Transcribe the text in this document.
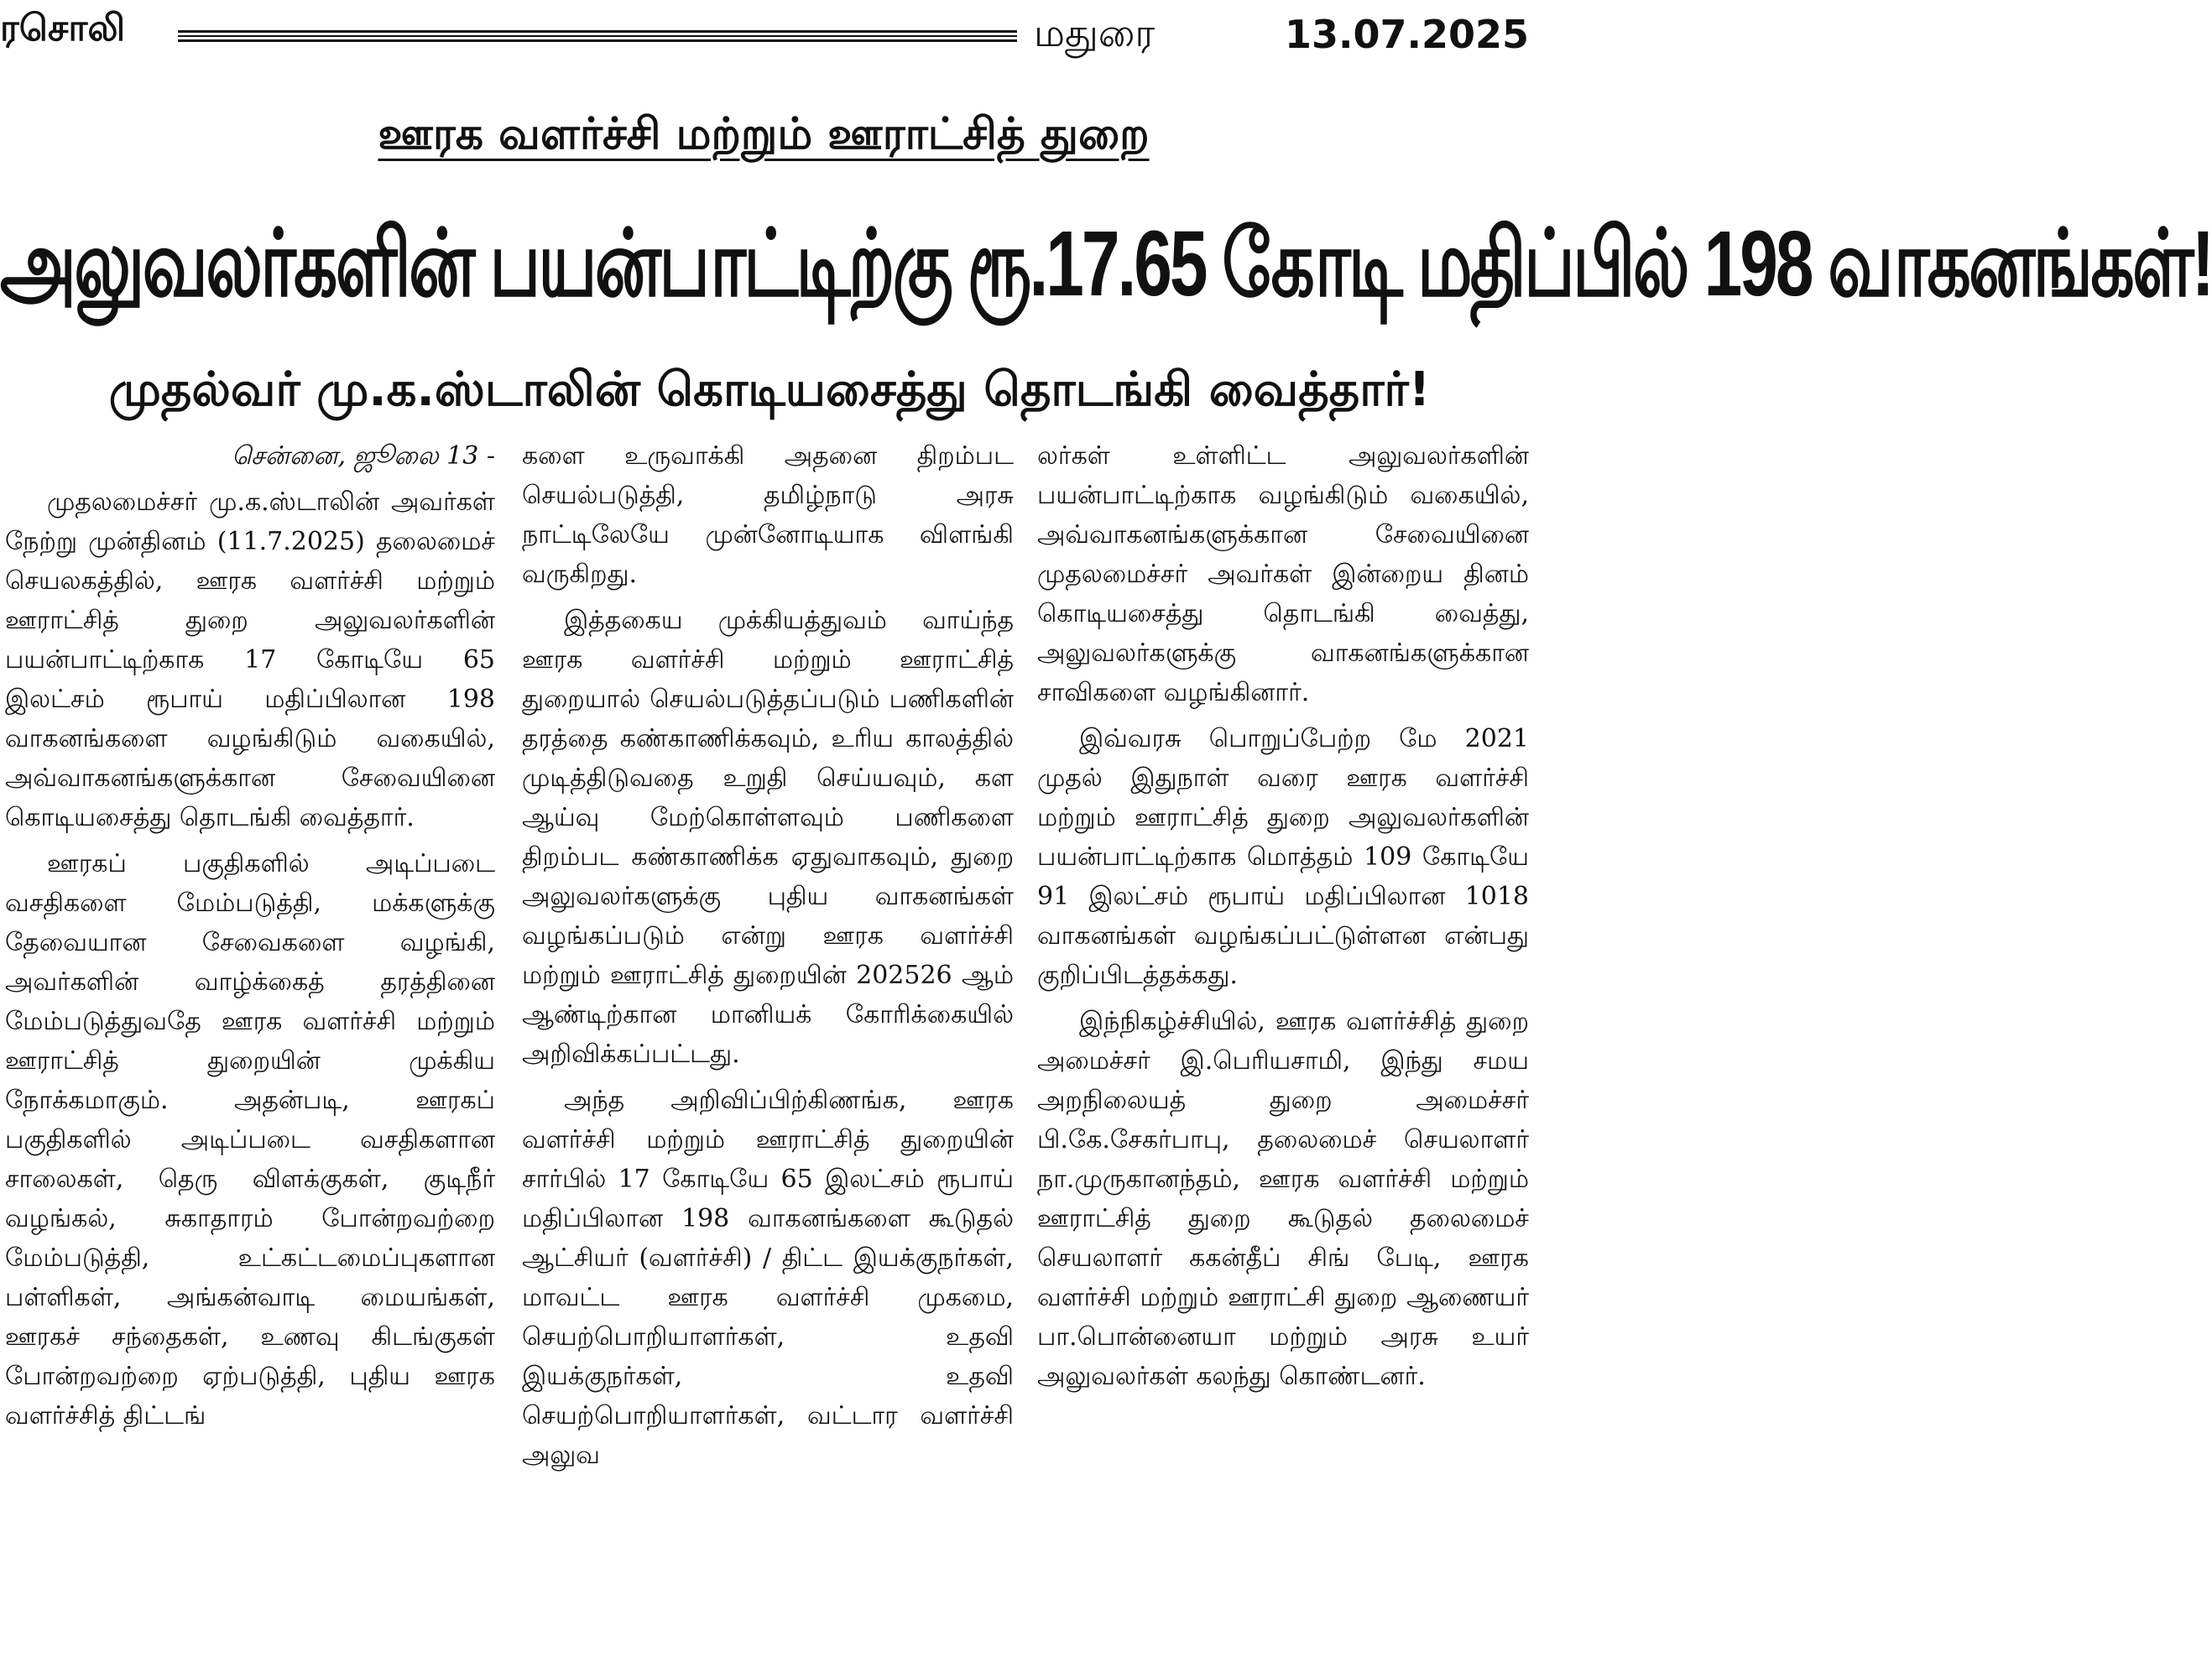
ரசொலி	மதுரை	13.07.2025
ஊரக வளர்ச்சி மற்றும் ஊராட்சித் துறை
அலுவலர்களின் பயன்பாட்டிற்கு ரூ.17.65 கோடி மதிப்பில் 198 வாகனங்கள்!
முதல்வர் மு.க.ஸ்டாலின் கொடியசைத்து தொடங்கி வைத்தார்!

சென்னை, ஜூலை 13 -

முதலமைச்சர் மு.க.ஸ்டாலின் அவர்கள் நேற்று முன்தினம் (11.7.2025) தலைமைச் செயலகத்தில், ஊரக வளர்ச்சி மற்றும் ஊராட்சித் துறை அலுவலர்களின் பயன்பாட்டிற்காக 17 கோடியே 65 இலட்சம் ரூபாய் மதிப்பிலான 198 வாகனங்களை வழங்கிடும் வகையில், அவ்வாகனங்களுக்கான சேவையினை கொடியசைத்து தொடங்கி வைத்தார்.

ஊரகப் பகுதிகளில் அடிப்படை வசதிகளை மேம்படுத்தி, மக்களுக்கு தேவையான சேவைகளை வழங்கி, அவர்களின் வாழ்க்கைத் தரத்தினை மேம்படுத்துவதே ஊரக வளர்ச்சி மற்றும் ஊராட்சித் துறையின் முக்கிய நோக்கமாகும். அதன்படி, ஊரகப் பகுதிகளில் அடிப்படை வசதிகளான சாலைகள், தெரு விளக்குகள், குடிநீர் வழங்கல், சுகாதாரம் போன்றவற்றை மேம்படுத்தி, உட்கட்டமைப்புகளான பள்ளிகள், அங்கன்வாடி மையங்கள், ஊரகச் சந்தைகள், உணவு கிடங்குகள் போன்றவற்றை ஏற்படுத்தி, புதிய ஊரக வளர்ச்சித் திட்டங்

களை உருவாக்கி அதனை திறம்பட செயல்படுத்தி, தமிழ்நாடு அரசு நாட்டிலேயே முன்னோடியாக விளங்கி வருகிறது.

இத்தகைய முக்கியத்துவம் வாய்ந்த ஊரக வளர்ச்சி மற்றும் ஊராட்சித் துறையால் செயல்படுத்தப்படும் பணிகளின் தரத்தை கண்காணிக்கவும், உரிய காலத்தில் முடித்திடுவதை உறுதி செய்யவும், கள ஆய்வு மேற்கொள்ளவும் பணிகளை திறம்பட கண்காணிக்க ஏதுவாகவும், துறை அலுவலர்களுக்கு புதிய வாகனங்கள் வழங்கப்படும் என்று ஊரக வளர்ச்சி மற்றும் ஊராட்சித் துறையின் 202526 ஆம் ஆண்டிற்கான மானியக் கோரிக்கையில் அறிவிக்கப்பட்டது.

அந்த அறிவிப்பிற்கிணங்க, ஊரக வளர்ச்சி மற்றும் ஊராட்சித் துறையின் சார்பில் 17 கோடியே 65 இலட்சம் ரூபாய் மதிப்பிலான 198 வாகனங்களை கூடுதல் ஆட்சியர் (வளர்ச்சி) / திட்ட இயக்குநர்கள், மாவட்ட ஊரக வளர்ச்சி முகமை, செயற்பொறியாளர்கள், உதவி இயக்குநர்கள், உதவி செயற்பொறியாளர்கள், வட்டார வளர்ச்சி அலுவ

லர்கள் உள்ளிட்ட அலுவலர்களின் பயன்பாட்டிற்காக வழங்கிடும் வகையில், அவ்வாகனங்களுக்கான சேவையினை முதலமைச்சர் அவர்கள் இன்றைய தினம் கொடியசைத்து தொடங்கி வைத்து, அலுவலர்களுக்கு வாகனங்களுக்கான சாவிகளை வழங்கினார்.

இவ்வரசு பொறுப்பேற்ற மே 2021 முதல் இதுநாள் வரை ஊரக வளர்ச்சி மற்றும் ஊராட்சித் துறை அலுவலர்களின் பயன்பாட்டிற்காக மொத்தம் 109 கோடியே 91 இலட்சம் ரூபாய் மதிப்பிலான 1018 வாகனங்கள் வழங்கப்பட்டுள்ளன என்பது குறிப்பிடத்தக்கது.

இந்நிகழ்ச்சியில், ஊரக வளர்ச்சித் துறை அமைச்சர் இ.பெரியசாமி, இந்து சமய அறநிலையத் துறை அமைச்சர் பி.கே.சேகர்பாபு, தலைமைச் செயலாளர் நா.முருகானந்தம், ஊரக வளர்ச்சி மற்றும் ஊராட்சித் துறை கூடுதல் தலைமைச் செயலாளர் ககன்தீப் சிங் பேடி, ஊரக வளர்ச்சி மற்றும் ஊராட்சி துறை ஆணையர் பா.பொன்னையா மற்றும் அரசு உயர் அலுவலர்கள் கலந்து கொண்டனர்.
